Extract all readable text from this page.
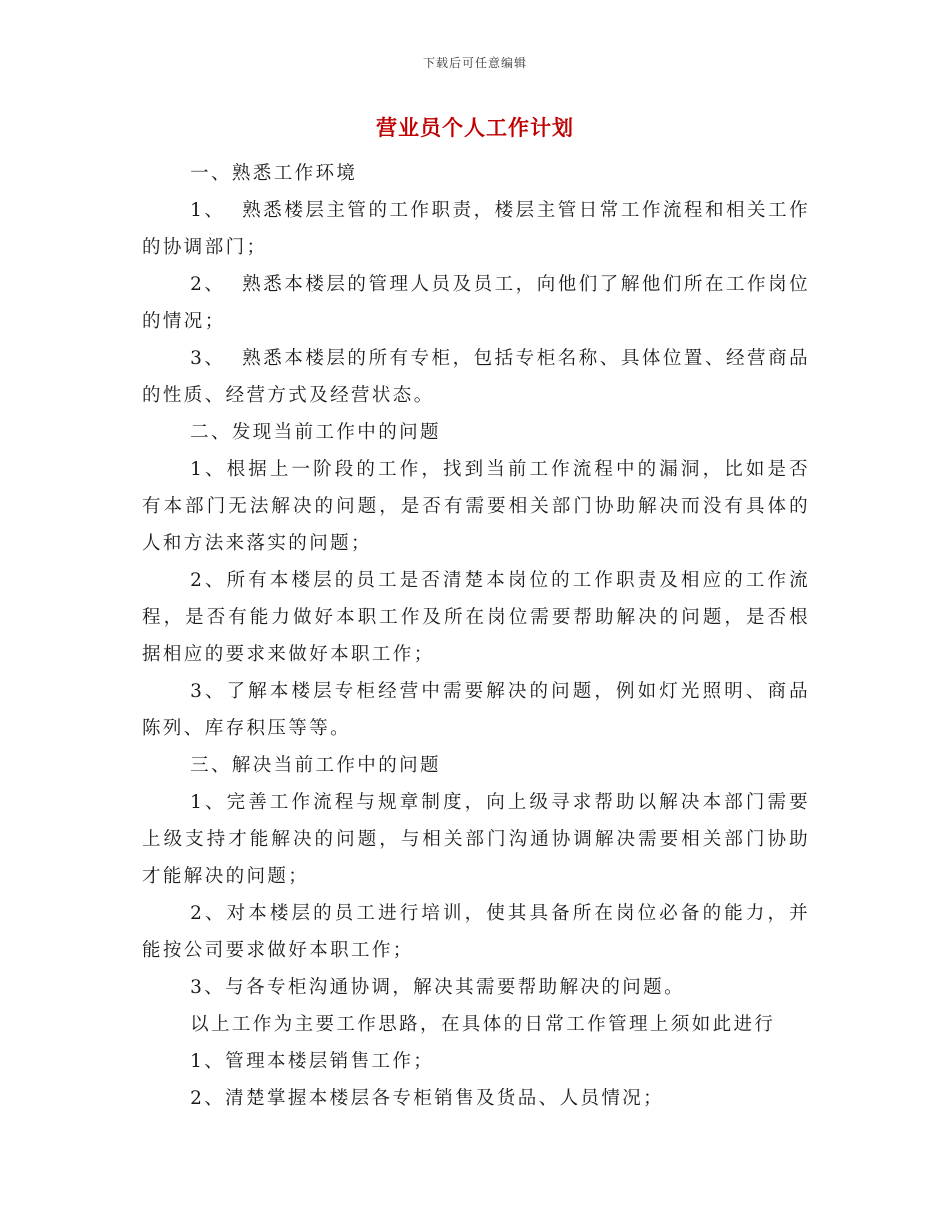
下载后可任意编辑
营业员个人工作计划

一、熟悉工作环境

1、  熟悉楼层主管的工作职责，楼层主管日常工作流程和相关工作的协调部门；

2、  熟悉本楼层的管理人员及员工，向他们了解他们所在工作岗位的情况；

3、  熟悉本楼层的所有专柜，包括专柜名称、具体位置、经营商品的性质、经营方式及经营状态。

二、发现当前工作中的问题

1、根据上一阶段的工作，找到当前工作流程中的漏洞，比如是否有本部门无法解决的问题，是否有需要相关部门协助解决而没有具体的人和方法来落实的问题；

2、所有本楼层的员工是否清楚本岗位的工作职责及相应的工作流程，是否有能力做好本职工作及所在岗位需要帮助解决的问题，是否根据相应的要求来做好本职工作；

3、了解本楼层专柜经营中需要解决的问题，例如灯光照明、商品陈列、库存积压等等。

三、解决当前工作中的问题

1、完善工作流程与规章制度，向上级寻求帮助以解决本部门需要上级支持才能解决的问题，与相关部门沟通协调解决需要相关部门协助才能解决的问题；

2、对本楼层的员工进行培训，使其具备所在岗位必备的能力，并能按公司要求做好本职工作；

3、与各专柜沟通协调，解决其需要帮助解决的问题。

以上工作为主要工作思路，在具体的日常工作管理上须如此进行

1、管理本楼层销售工作；

2、清楚掌握本楼层各专柜销售及货品、人员情况；
